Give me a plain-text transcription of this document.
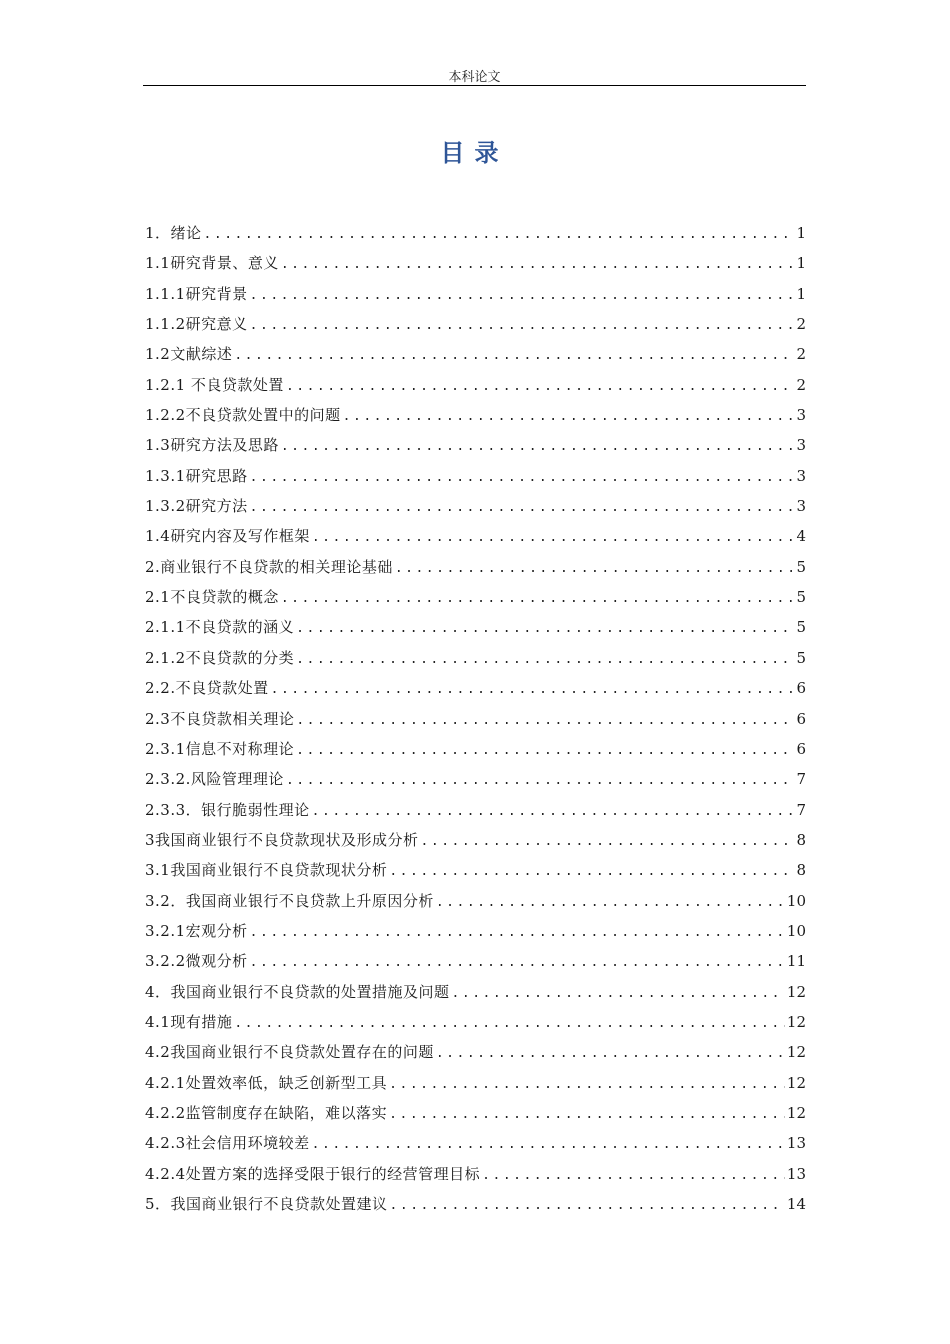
本科论文
目录
1．绪论 .....	1
1.1研究背景、意义 .....	1
1.1.1研究背景 .....	1
1.1.2研究意义 .....	2
1.2文献综述 .....	2
1.2.1 不良贷款处置 .....	2
1.2.2不良贷款处置中的问题 .....	3
1.3研究方法及思路 .....	3
1.3.1研究思路 .....	3
1.3.2研究方法 .....	3
1.4研究内容及写作框架 .....	4
2.商业银行不良贷款的相关理论基础 .....	5
2.1不良贷款的概念 .....	5
2.1.1不良贷款的涵义 .....	5
2.1.2不良贷款的分类 .....	5
2.2.不良贷款处置 .....	6
2.3不良贷款相关理论 .....	6
2.3.1信息不对称理论 .....	6
2.3.2.风险管理理论 .....	7
2.3.3．银行脆弱性理论 .....	7
3我国商业银行不良贷款现状及形成分析 .....	8
3.1我国商业银行不良贷款现状分析 .....	8
3.2．我国商业银行不良贷款上升原因分析 .....	10
3.2.1宏观分析 .....	10
3.2.2微观分析 .....	11
4．我国商业银行不良贷款的处置措施及问题 .....	12
4.1现有措施 .....	12
4.2我国商业银行不良贷款处置存在的问题 .....	12
4.2.1处置效率低，缺乏创新型工具 .....	12
4.2.2监管制度存在缺陷，难以落实 .....	12
4.2.3社会信用环境较差 .....	13
4.2.4处置方案的选择受限于银行的经营管理目标 .....	13
5．我国商业银行不良贷款处置建议 .....	14
